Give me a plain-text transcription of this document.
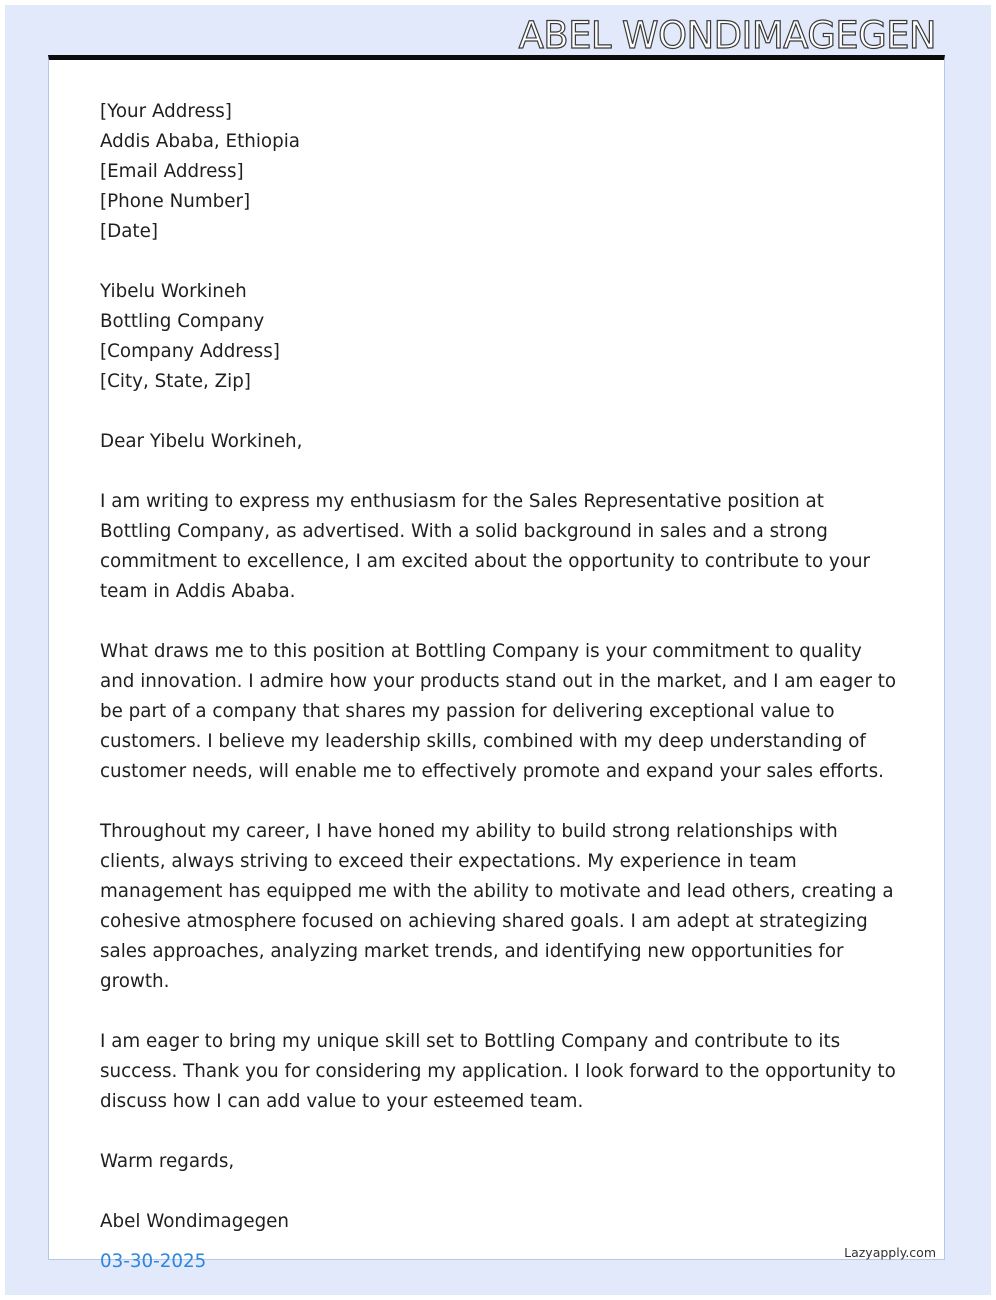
ABEL WONDIMAGEGEN
[Your Address]
Addis Ababa, Ethiopia
[Email Address]
[Phone Number]
[Date]
Yibelu Workineh
Bottling Company
[Company Address]
[City, State, Zip]
Dear Yibelu Workineh,

I am writing to express my enthusiasm for the Sales Representative position at Bottling Company, as advertised. With a solid background in sales and a strong commitment to excellence, I am excited about the opportunity to contribute to your team in Addis Ababa.

What draws me to this position at Bottling Company is your commitment to quality and innovation. I admire how your products stand out in the market, and I am eager to be part of a company that shares my passion for delivering exceptional value to customers. I believe my leadership skills, combined with my deep understanding of customer needs, will enable me to effectively promote and expand your sales efforts.

Throughout my career, I have honed my ability to build strong relationships with clients, always striving to exceed their expectations. My experience in team management has equipped me with the ability to motivate and lead others, creating a cohesive atmosphere focused on achieving shared goals. I am adept at strategizing sales approaches, analyzing market trends, and identifying new opportunities for growth.

I am eager to bring my unique skill set to Bottling Company and contribute to its success. Thank you for considering my application. I look forward to the opportunity to discuss how I can add value to your esteemed team.

Warm regards,
Abel Wondimagegen
03-30-2025	Lazyapply.com
